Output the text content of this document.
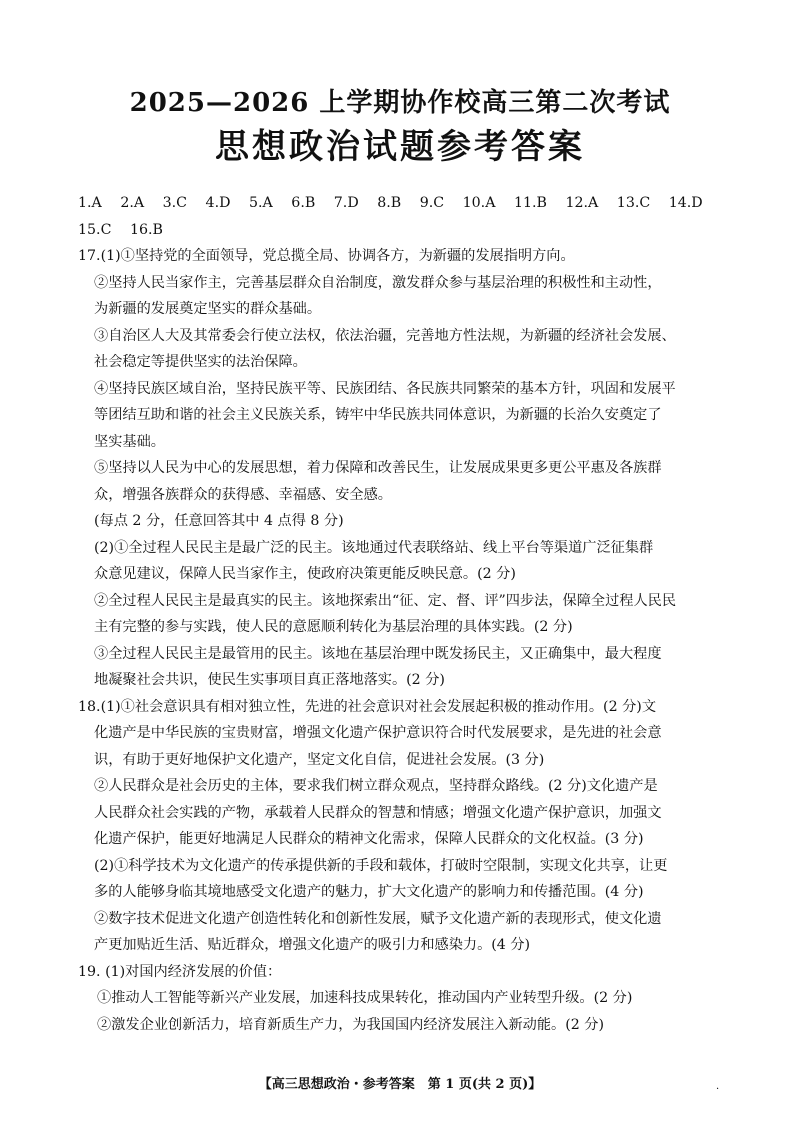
2025—2026 上学期协作校高三第二次考试
思想政治试题参考答案
1.A 2.A 3.C 4.D 5.A 6.B 7.D 8.B 9.C 10.A 11.B 12.A 13.C 14.D
15.C 16.B
17.(1)①坚持党的全面领导，党总揽全局、协调各方，为新疆的发展指明方向。
②坚持人民当家作主，完善基层群众自治制度，激发群众参与基层治理的积极性和主动性，
为新疆的发展奠定坚实的群众基础。
③自治区人大及其常委会行使立法权，依法治疆，完善地方性法规，为新疆的经济社会发展、
社会稳定等提供坚实的法治保障。
④坚持民族区域自治，坚持民族平等、民族团结、各民族共同繁荣的基本方针，巩固和发展平
等团结互助和谐的社会主义民族关系，铸牢中华民族共同体意识，为新疆的长治久安奠定了
坚实基础。
⑤坚持以人民为中心的发展思想，着力保障和改善民生，让发展成果更多更公平惠及各族群
众，增强各族群众的获得感、幸福感、安全感。
(每点 2 分，任意回答其中 4 点得 8 分)
(2)①全过程人民民主是最广泛的民主。该地通过代表联络站、线上平台等渠道广泛征集群
众意见建议，保障人民当家作主，使政府决策更能反映民意。(2 分)
②全过程人民民主是最真实的民主。该地探索出“征、定、督、评”四步法，保障全过程人民民
主有完整的参与实践，使人民的意愿顺利转化为基层治理的具体实践。(2 分)
③全过程人民民主是最管用的民主。该地在基层治理中既发扬民主，又正确集中，最大程度
地凝聚社会共识，使民生实事项目真正落地落实。(2 分)
18.(1)①社会意识具有相对独立性，先进的社会意识对社会发展起积极的推动作用。(2 分)文
化遗产是中华民族的宝贵财富，增强文化遗产保护意识符合时代发展要求，是先进的社会意
识，有助于更好地保护文化遗产，坚定文化自信，促进社会发展。(3 分)
②人民群众是社会历史的主体，要求我们树立群众观点，坚持群众路线。(2 分)文化遗产是
人民群众社会实践的产物，承载着人民群众的智慧和情感；增强文化遗产保护意识，加强文
化遗产保护，能更好地满足人民群众的精神文化需求，保障人民群众的文化权益。(3 分)
(2)①科学技术为文化遗产的传承提供新的手段和载体，打破时空限制，实现文化共享，让更
多的人能够身临其境地感受文化遗产的魅力，扩大文化遗产的影响力和传播范围。(4 分)
②数字技术促进文化遗产创造性转化和创新性发展，赋予文化遗产新的表现形式，使文化遗
产更加贴近生活、贴近群众，增强文化遗产的吸引力和感染力。(4 分)
19. (1)对国内经济发展的价值：
①推动人工智能等新兴产业发展，加速科技成果转化，推动国内产业转型升级。(2 分)
②激发企业创新活力，培育新质生产力，为我国国内经济发展注入新动能。(2 分)
【高三思想政治・参考答案　第 1 页(共 2 页)】	·
